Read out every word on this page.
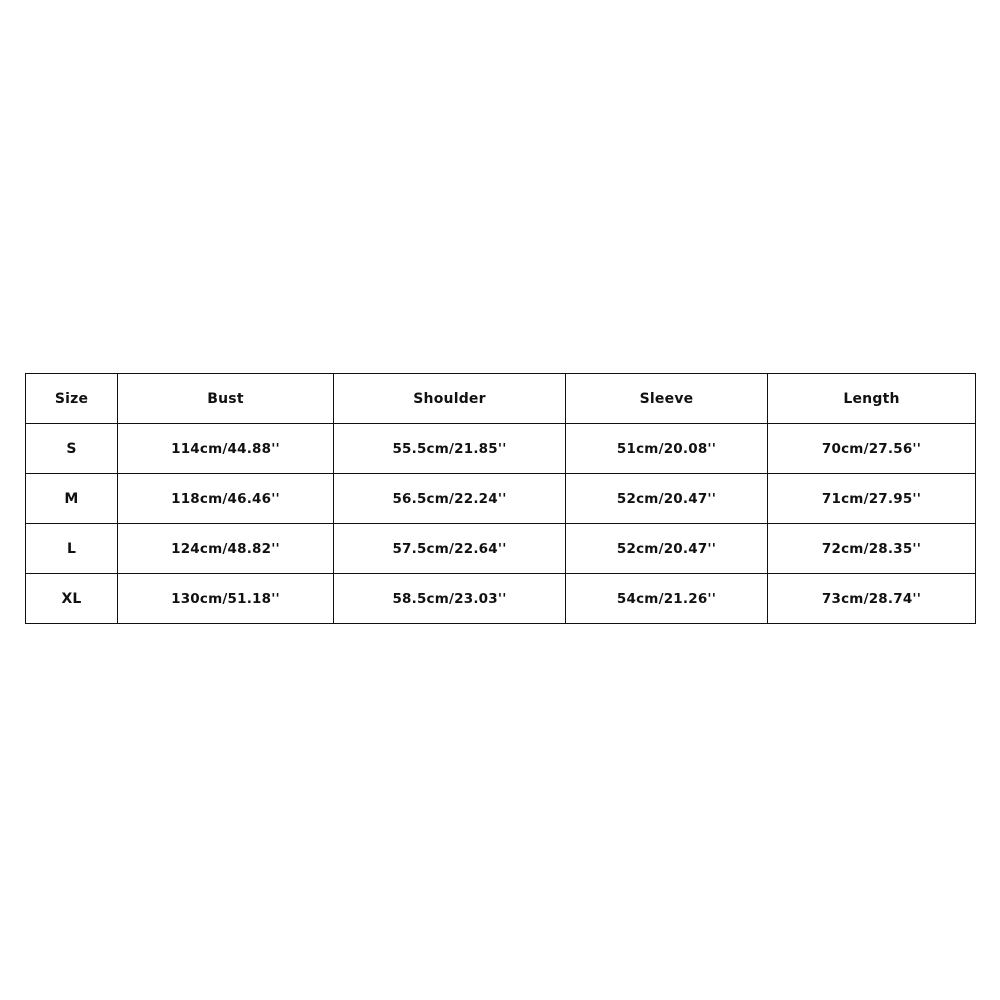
Size	Bust	Shoulder	Sleeve	Length
S	114cm/44.88''	55.5cm/21.85''	51cm/20.08''	70cm/27.56''
M	118cm/46.46''	56.5cm/22.24''	52cm/20.47''	71cm/27.95''
L	124cm/48.82''	57.5cm/22.64''	52cm/20.47''	72cm/28.35''
XL	130cm/51.18''	58.5cm/23.03''	54cm/21.26''	73cm/28.74''
